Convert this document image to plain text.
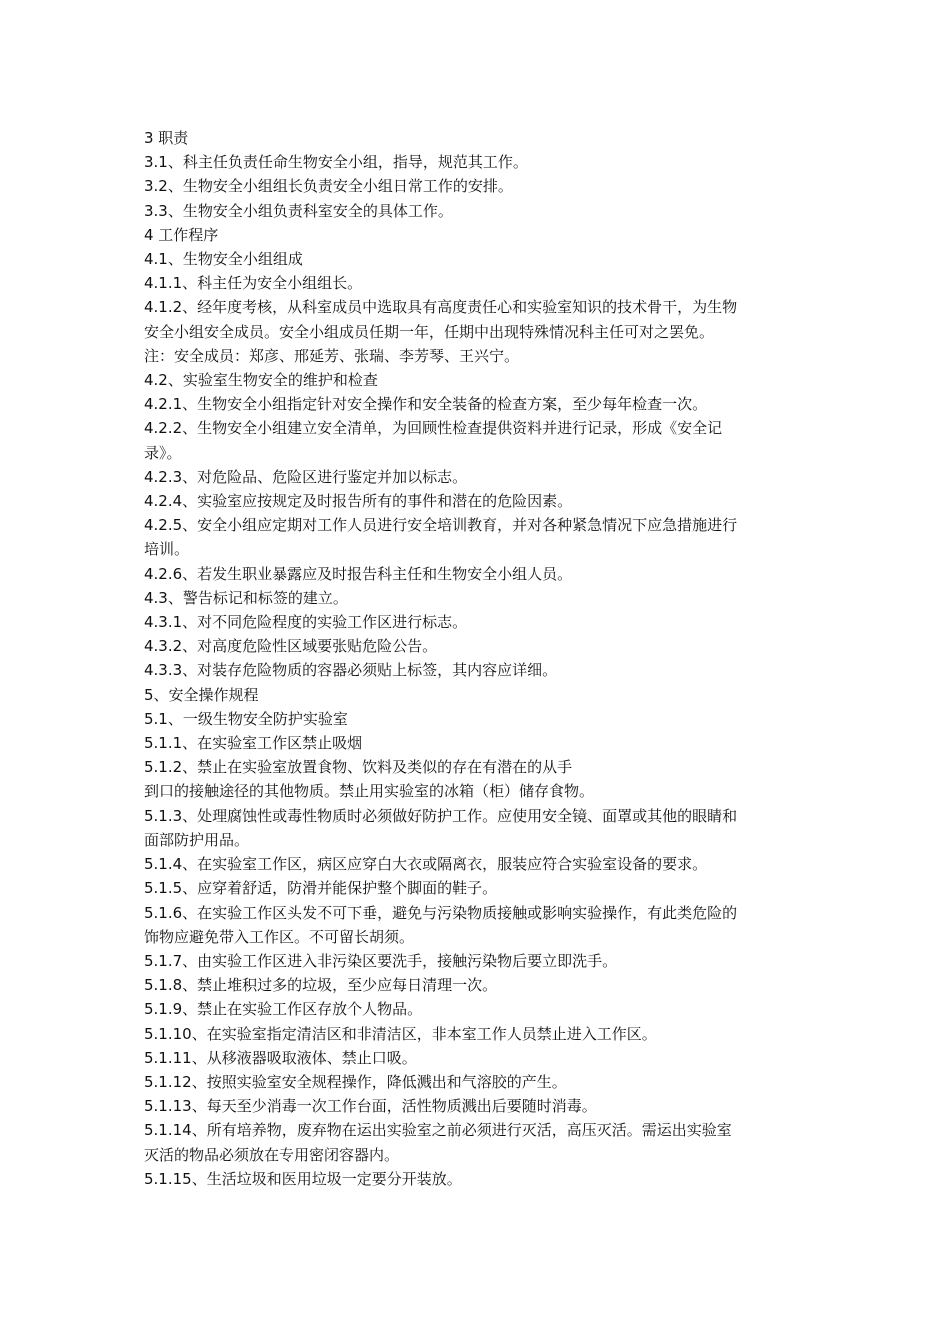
3 职责
3.1、科主任负责任命生物安全小组，指导，规范其工作。
3.2、生物安全小组组长负责安全小组日常工作的安排。
3.3、生物安全小组负责科室安全的具体工作。
4 工作程序
4.1、生物安全小组组成
4.1.1、科主任为安全小组组长。
4.1.2、经年度考核，从科室成员中选取具有高度责任心和实验室知识的技术骨干，为生物
安全小组安全成员。安全小组成员任期一年，任期中出现特殊情况科主任可对之罢免。
注：安全成员：郑彦、邢延芳、张瑞、李芳琴、王兴宁。
4.2、实验室生物安全的维护和检查
4.2.1、生物安全小组指定针对安全操作和安全装备的检查方案，至少每年检查一次。
4.2.2、生物安全小组建立安全清单，为回顾性检查提供资料并进行记录，形成《安全记
录》。
4.2.3、对危险品、危险区进行鉴定并加以标志。
4.2.4、实验室应按规定及时报告所有的事件和潜在的危险因素。
4.2.5、安全小组应定期对工作人员进行安全培训教育，并对各种紧急情况下应急措施进行
培训。
4.2.6、若发生职业暴露应及时报告科主任和生物安全小组人员。
4.3、警告标记和标签的建立。
4.3.1、对不同危险程度的实验工作区进行标志。
4.3.2、对高度危险性区域要张贴危险公告。
4.3.3、对装存危险物质的容器必须贴上标签，其内容应详细。
5、安全操作规程
5.1、一级生物安全防护实验室
5.1.1、在实验室工作区禁止吸烟
5.1.2、禁止在实验室放置食物、饮料及类似的存在有潜在的从手
到口的接触途径的其他物质。禁止用实验室的冰箱（柜）储存食物。
5.1.3、处理腐蚀性或毒性物质时必须做好防护工作。应使用安全镜、面罩或其他的眼睛和
面部防护用品。
5.1.4、在实验室工作区，病区应穿白大衣或隔离衣，服装应符合实验室设备的要求。
5.1.5、应穿着舒适，防滑并能保护整个脚面的鞋子。
5.1.6、在实验工作区头发不可下垂，避免与污染物质接触或影响实验操作，有此类危险的
饰物应避免带入工作区。不可留长胡须。
5.1.7、由实验工作区进入非污染区要洗手，接触污染物后要立即洗手。
5.1.8、禁止堆积过多的垃圾，至少应每日清理一次。
5.1.9、禁止在实验工作区存放个人物品。
5.1.10、在实验室指定清洁区和非清洁区，非本室工作人员禁止进入工作区。
5.1.11、从移液器吸取液体、禁止口吸。
5.1.12、按照实验室安全规程操作，降低溅出和气溶胶的产生。
5.1.13、每天至少消毒一次工作台面，活性物质溅出后要随时消毒。
5.1.14、所有培养物，废弃物在运出实验室之前必须进行灭活，高压灭活。需运出实验室
灭活的物品必须放在专用密闭容器内。
5.1.15、生活垃圾和医用垃圾一定要分开装放。
